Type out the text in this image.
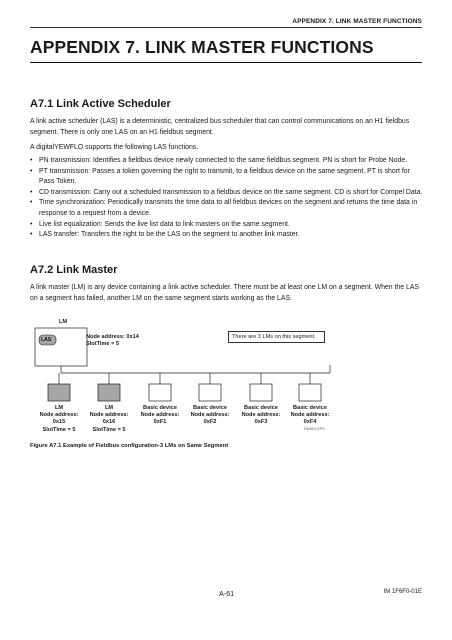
APPENDIX 7. LINK MASTER FUNCTIONS
APPENDIX 7. LINK MASTER FUNCTIONS
A7.1 Link Active Scheduler

A link active scheduler (LAS) is a deterministic, centralized bus scheduler that can control communications on an H1 fieldbus segment. There is only one LAS on an H1 fieldbus segment.

A digitalYEWFLO supports the following LAS functions.

• PN transmission: Identifies a fieldbus device newly connected to the same fieldbus segment. PN is short for Probe Node.
• PT transmission: Passes a token governing the right to transmit, to a fieldbus device on the same segment. PT is short for Pass Token.
• CD transmission: Carry out a scheduled transmission to a fieldbus device on the same segment. CD is short for Compel Data.
• Time synchronization: Periodically transmits the time data to all fieldbus devices on the segment and returns the time data in response to a request from a device.
• Live list equalization: Sends the live list data to link masters on the same segment.
• LAS transfer: Transfers the right to be the LAS on the segment to another link master.
A7.2 Link Master

A link master (LM) is any device containing a link active scheduler. There must be at least one LM on a segment. When the LAS on a segment has failed, another LM on the same segment starts working as the LAS.

LM
LAS	Node address: 0x14
SlotTime = 5
There are 3 LMs on this segment.
LM
Node address:
0x15
SlotTime = 5
LM
Node address:
0x16
SlotTime = 5
Basic device
Node address:
0xF1
Basic device
Node address:
0xF2
Basic device
Node address:
0xF3
Basic device
Node address:
0xF4
FA0601.EPS
Figure A7.1 Example of Fieldbus configuration-3 LMs on Same Segment
A-61	IM 1F6F0-01E
